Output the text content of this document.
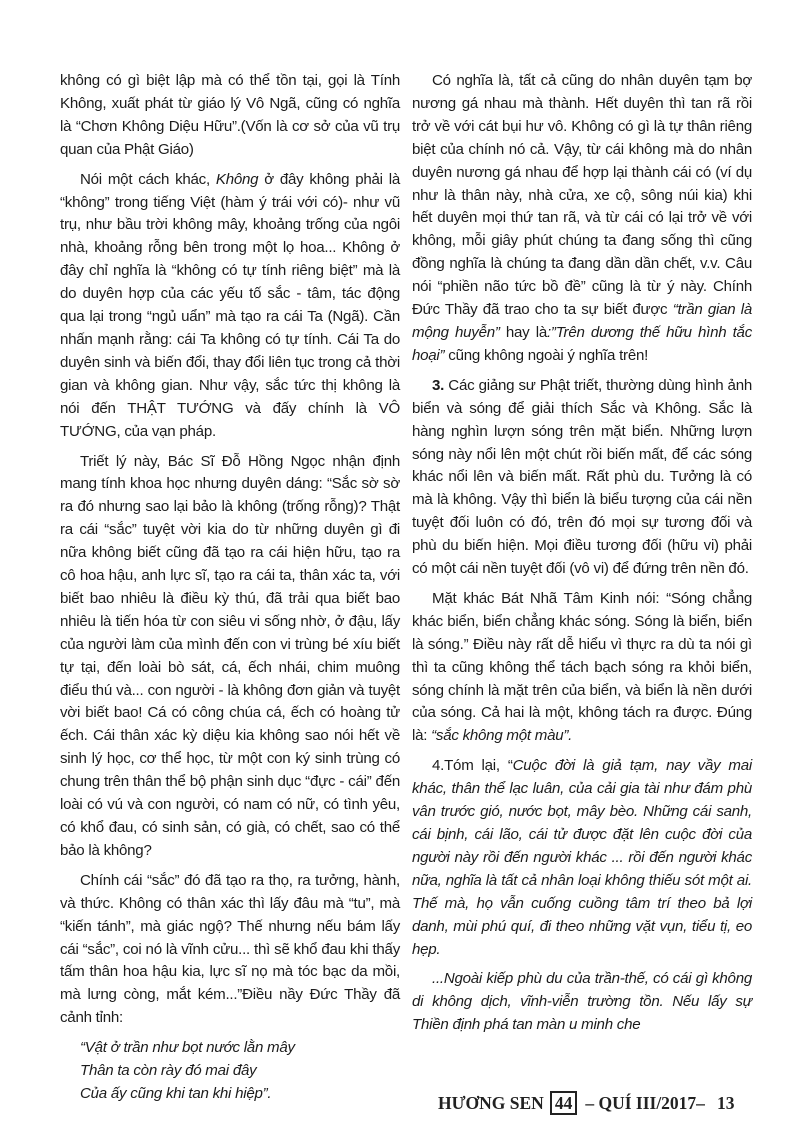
không có gì biệt lập mà có thể tồn tại, gọi là Tính Không, xuất phát từ giáo lý Vô Ngã, cũng có nghĩa là “Chơn Không Diệu Hữu”.(Vốn là cơ sở của vũ trụ quan của Phật Giáo)

Nói một cách khác, Không ở đây không phải là “không” trong tiếng Việt (hàm ý trái với có)- như vũ trụ, như bầu trời không mây, khoảng trống của ngôi nhà, khoảng rỗng bên trong một lọ hoa... Không ở đây chỉ nghĩa là “không có tự tính riêng biệt” mà là do duyên hợp của các yếu tố sắc - tâm, tác động qua lại trong “ngủ uẩn” mà tạo ra cái Ta (Ngã). Cần nhấn mạnh rằng: cái Ta không có tự tính. Cái Ta do duyên sinh và biến đổi, thay đổi liên tục trong cả thời gian và không gian. Như vậy, sắc tức thị không là nói đến THẬT TƯỚNG và đấy chính là VÔ TƯỚNG, của vạn pháp.

Triết lý này, Bác Sĩ Đỗ Hồng Ngọc nhận định mang tính khoa học nhưng duyên dáng: “Sắc sờ sờ ra đó nhưng sao lại bảo là không (trống rỗng)? Thật ra cái “sắc” tuyệt vời kia do từ những duyên gì đi nữa không biết cũng đã tạo ra cái hiện hữu, tạo ra cô hoa hậu, anh lực sĩ, tạo ra cái ta, thân xác ta, với biết bao nhiêu là điều kỳ thú, đã trải qua biết bao nhiêu là tiến hóa từ con siêu vi sống nhờ, ở đậu, lấy của người làm của mình đến con vi trùng bé xíu biết tự tại, đến loài bò sát, cá, ếch nhái, chim muông điểu thú và... con người - là không đơn giản và tuyệt vời biết bao! Cá có công chúa cá, ếch có hoàng tử ếch. Cái thân xác kỳ diệu kia không sao nói hết về sinh lý học, cơ thể học, từ một con ký sinh trùng có chung trên thân thể bộ phận sinh dục “đực - cái” đến loài có vú và con người, có nam có nữ, có tình yêu, có khổ đau, có sinh sản, có già, có chết, sao có thể bảo là không?

Chính cái “sắc” đó đã tạo ra thọ, ra tưởng, hành, và thức. Không có thân xác thì lấy đâu mà “tu”, mà “kiến tánh”, mà giác ngộ? Thế nhưng nếu bám lấy cái “sắc”, coi nó là vĩnh cửu... thì sẽ khổ đau khi thấy tấm thân hoa hậu kia, lực sĩ nọ mà tóc bạc da mồi, mà lưng còng, mắt kém...”Điều nầy Đức Thầy đã cảnh tỉnh:

“Vật ở trần như bọt nước lằn mây
Thân ta còn rày đó mai đây
Của ấy cũng khi tan khi hiệp”.

Có nghĩa là, tất cả cũng do nhân duyên tạm bợ nương gá nhau mà thành. Hết duyên thì tan rã rồi trở về với cát bụi hư vô. Không có gì là tự thân riêng biệt của chính nó cả. Vậy, từ cái không mà do nhân duyên nương gá nhau để hợp lại thành cái có (ví dụ như là thân này, nhà cửa, xe cộ, sông núi kia) khi hết duyên mọi thứ tan rã, và từ cái có lại trở về với không, mỗi giây phút chúng ta đang sống thì cũng đồng nghĩa là chúng ta đang dần dần chết, v.v. Câu nói “phiền não tức bồ đề” cũng là từ ý này. Chính Đức Thầy đã trao cho ta sự biết được “trần gian là mộng huyễn” hay là:”Trên dương thế hữu hình tắc hoại” cũng không ngoài ý nghĩa trên!

3. Các giảng sư Phật triết, thường dùng hình ảnh biển và sóng để giải thích Sắc và Không. Sắc là hàng nghìn lượn sóng trên mặt biển. Những lượn sóng này nổi lên một chút rồi biến mất, để các sóng khác nổi lên và biến mất. Rất phù du. Tưởng là có mà là không. Vậy thì biển là biểu tượng của cái nền tuyệt đối luôn có đó, trên đó mọi sự tương đối và phù du biến hiện. Mọi điều tương đối (hữu vi) phải có một cái nền tuyệt đối (vô vi) để đứng trên nền đó.

Mặt khác Bát Nhã Tâm Kinh nói: “Sóng chẳng khác biển, biển chẳng khác sóng. Sóng là biển, biển là sóng.” Điều này rất dễ hiểu vì thực ra dù ta nói gì thì ta cũng không thể tách bạch sóng ra khỏi biển, sóng chính là mặt trên của biển, và biển là nền dưới của sóng. Cả hai là một, không tách ra được. Đúng là: “sắc không một màu”.

4.Tóm lại, “Cuộc đời là giả tạm, nay vầy mai khác, thân thể lạc luân, của cải gia tài như đám phù vân trước gió, nước bọt, mây bèo. Những cái sanh, cái bịnh, cái lão, cái tử được đặt lên cuộc đời của người này rồi đến người khác ... rồi đến người khác nữa, nghĩa là tất cả nhân loại không thiếu sót một ai. Thế mà, họ vẫn cuống cuồng tâm trí theo bả lợi danh, mùi phú quí, đi theo những vặt vụn, tiểu tị, eo hẹp.

...Ngoài kiếp phù du của trần-thế, có cái gì không di không dịch, vĩnh-viễn trường tồn. Nếu lấy sự Thiền định phá tan màn u minh che

HƯƠNG SEN 44 – QUÍ III/2017– 13
